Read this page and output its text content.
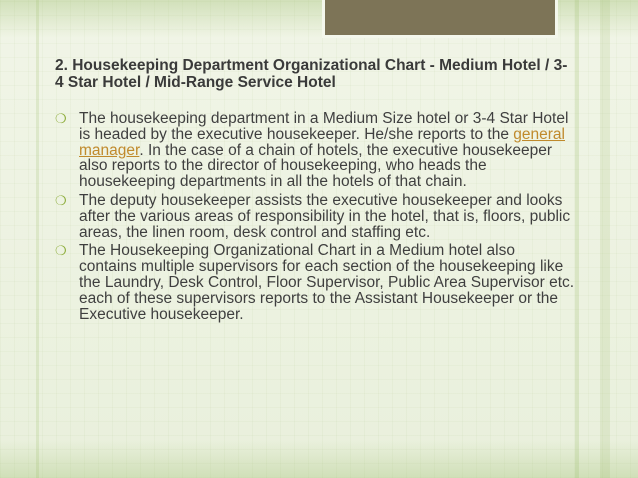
2. Housekeeping Department Organizational Chart - Medium Hotel / 3-4 Star Hotel / Mid-Range Service Hotel
❍ The housekeeping department in a Medium Size hotel or 3-4 Star Hotel is headed by the executive housekeeper. He/she reports to the general manager. In the case of a chain of hotels, the executive housekeeper also reports to the director of housekeeping, who heads the housekeeping departments in all the hotels of that chain.
❍ The deputy housekeeper assists the executive housekeeper and looks after the various areas of responsibility in the hotel, that is, floors, public areas, the linen room, desk control and staffing etc.
❍ The Housekeeping Organizational Chart in a Medium hotel also contains multiple supervisors for each section of the housekeeping like the Laundry, Desk Control, Floor Supervisor, Public Area Supervisor etc. each of these supervisors reports to the Assistant Housekeeper or the Executive housekeeper.
